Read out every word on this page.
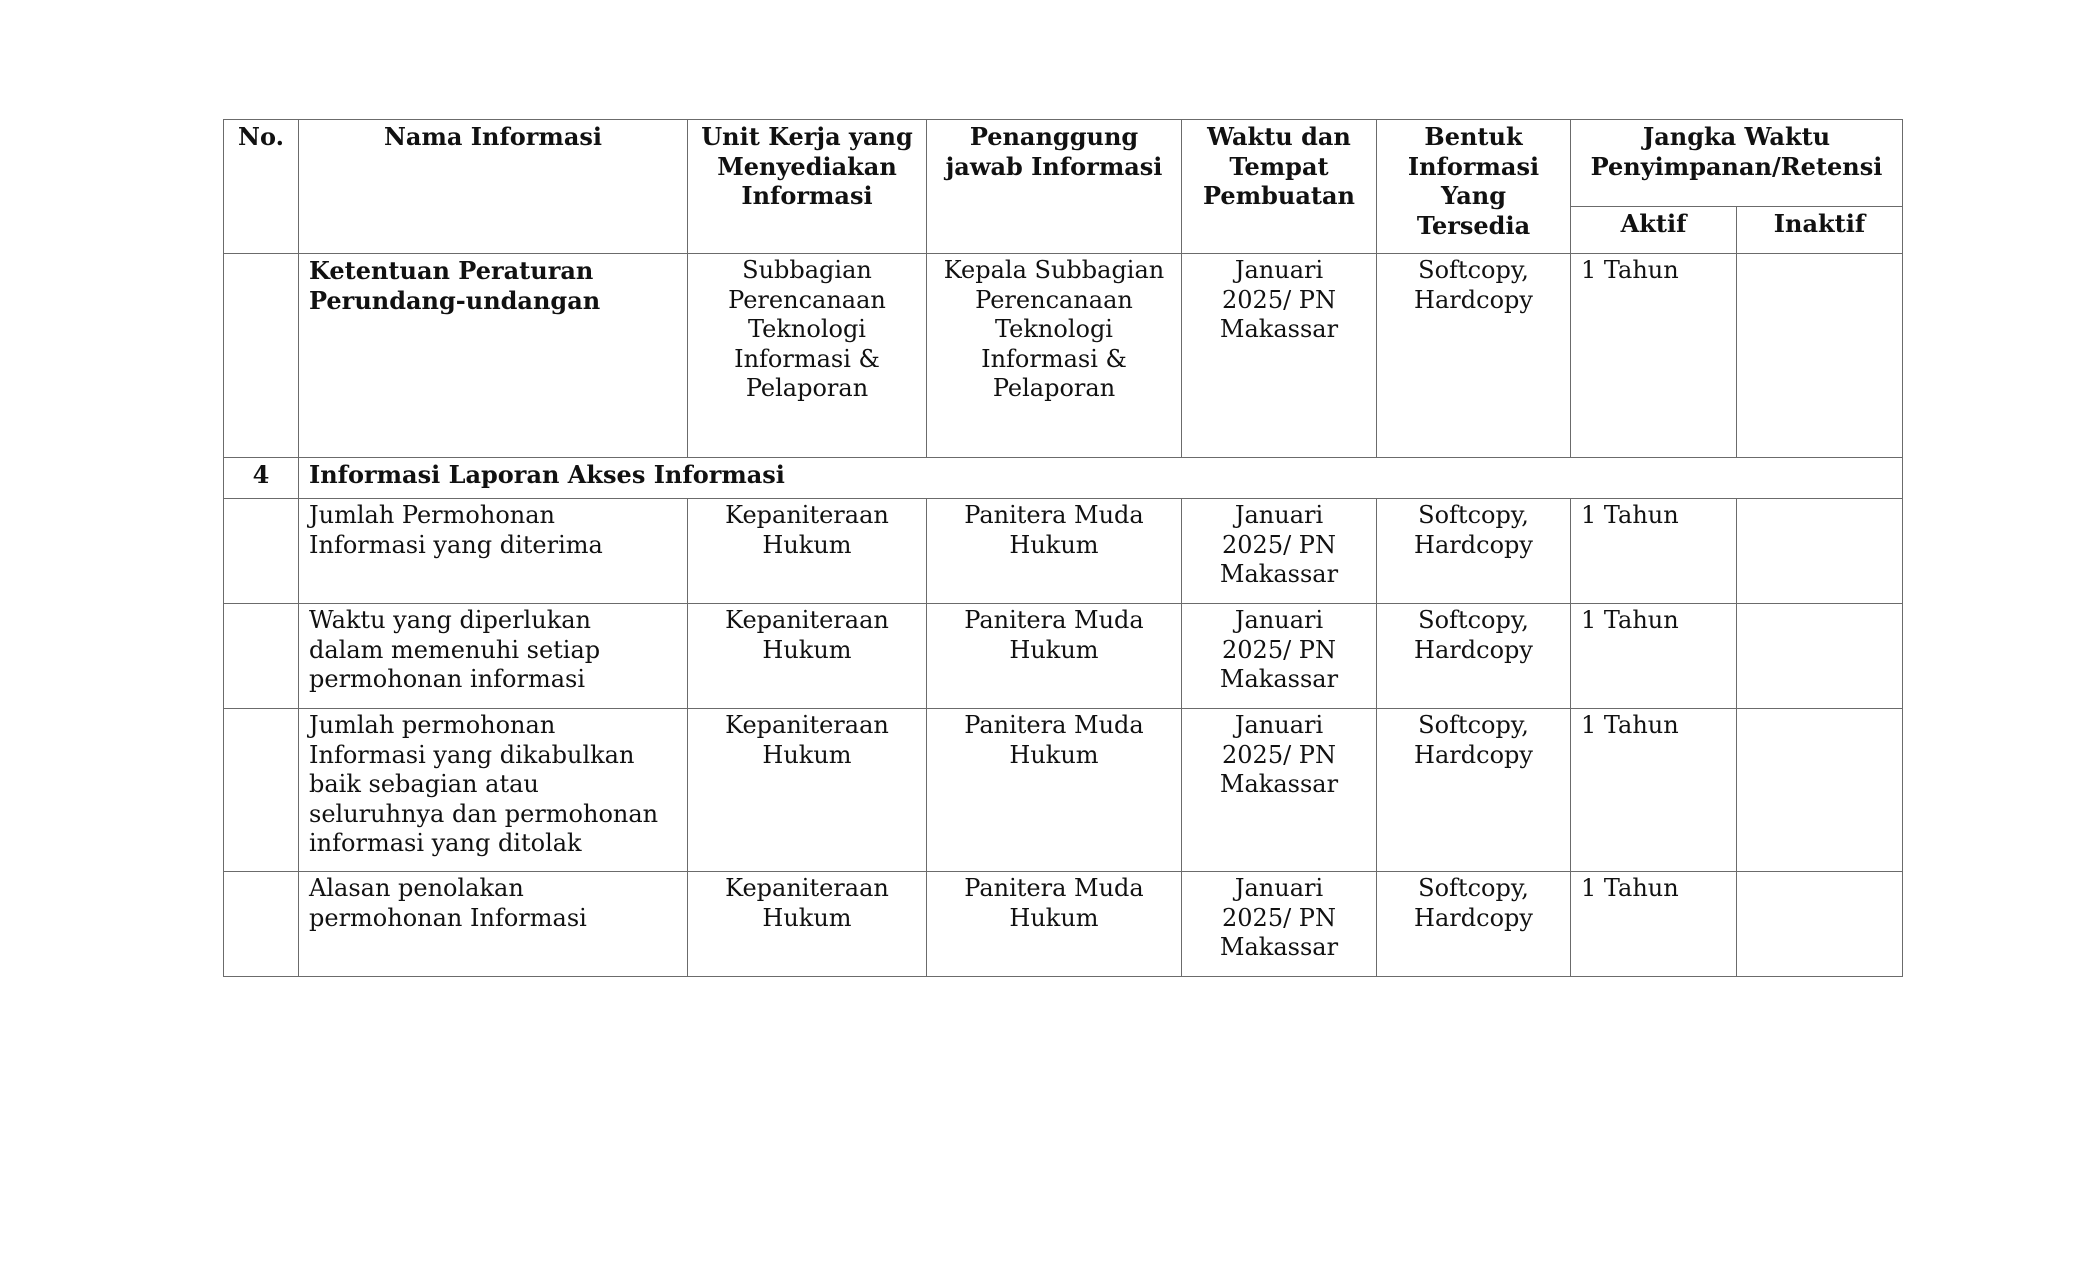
No.	Nama Informasi	Unit Kerja yang
Menyediakan
Informasi	Penanggung
jawab Informasi	Waktu dan
Tempat
Pembuatan	Bentuk
Informasi
Yang
Tersedia	Jangka Waktu
Penyimpanan/Retensi	

						Aktif	Inaktif

	Ketentuan Peraturan
Perundang-undangan	Subbagian
Perencanaan
Teknologi
Informasi &
Pelaporan	Kepala Subbagian
Perencanaan
Teknologi
Informasi &
Pelaporan	Januari
2025/ PN
Makassar	Softcopy,
Hardcopy	1 Tahun	

4	Informasi Laporan Akses Informasi						

	Jumlah Permohonan
Informasi yang diterima	Kepaniteraan
Hukum	Panitera Muda
Hukum	Januari
2025/ PN
Makassar	Softcopy,
Hardcopy	1 Tahun	

	Waktu yang diperlukan
dalam memenuhi setiap
permohonan informasi	Kepaniteraan
Hukum	Panitera Muda
Hukum	Januari
2025/ PN
Makassar	Softcopy,
Hardcopy	1 Tahun	

	Jumlah permohonan
Informasi yang dikabulkan
baik sebagian atau
seluruhnya dan permohonan
informasi yang ditolak	Kepaniteraan
Hukum	Panitera Muda
Hukum	Januari
2025/ PN
Makassar	Softcopy,
Hardcopy	1 Tahun	

	Alasan penolakan
permohonan Informasi	Kepaniteraan
Hukum	Panitera Muda
Hukum	Januari
2025/ PN
Makassar	Softcopy,
Hardcopy	1 Tahun	
